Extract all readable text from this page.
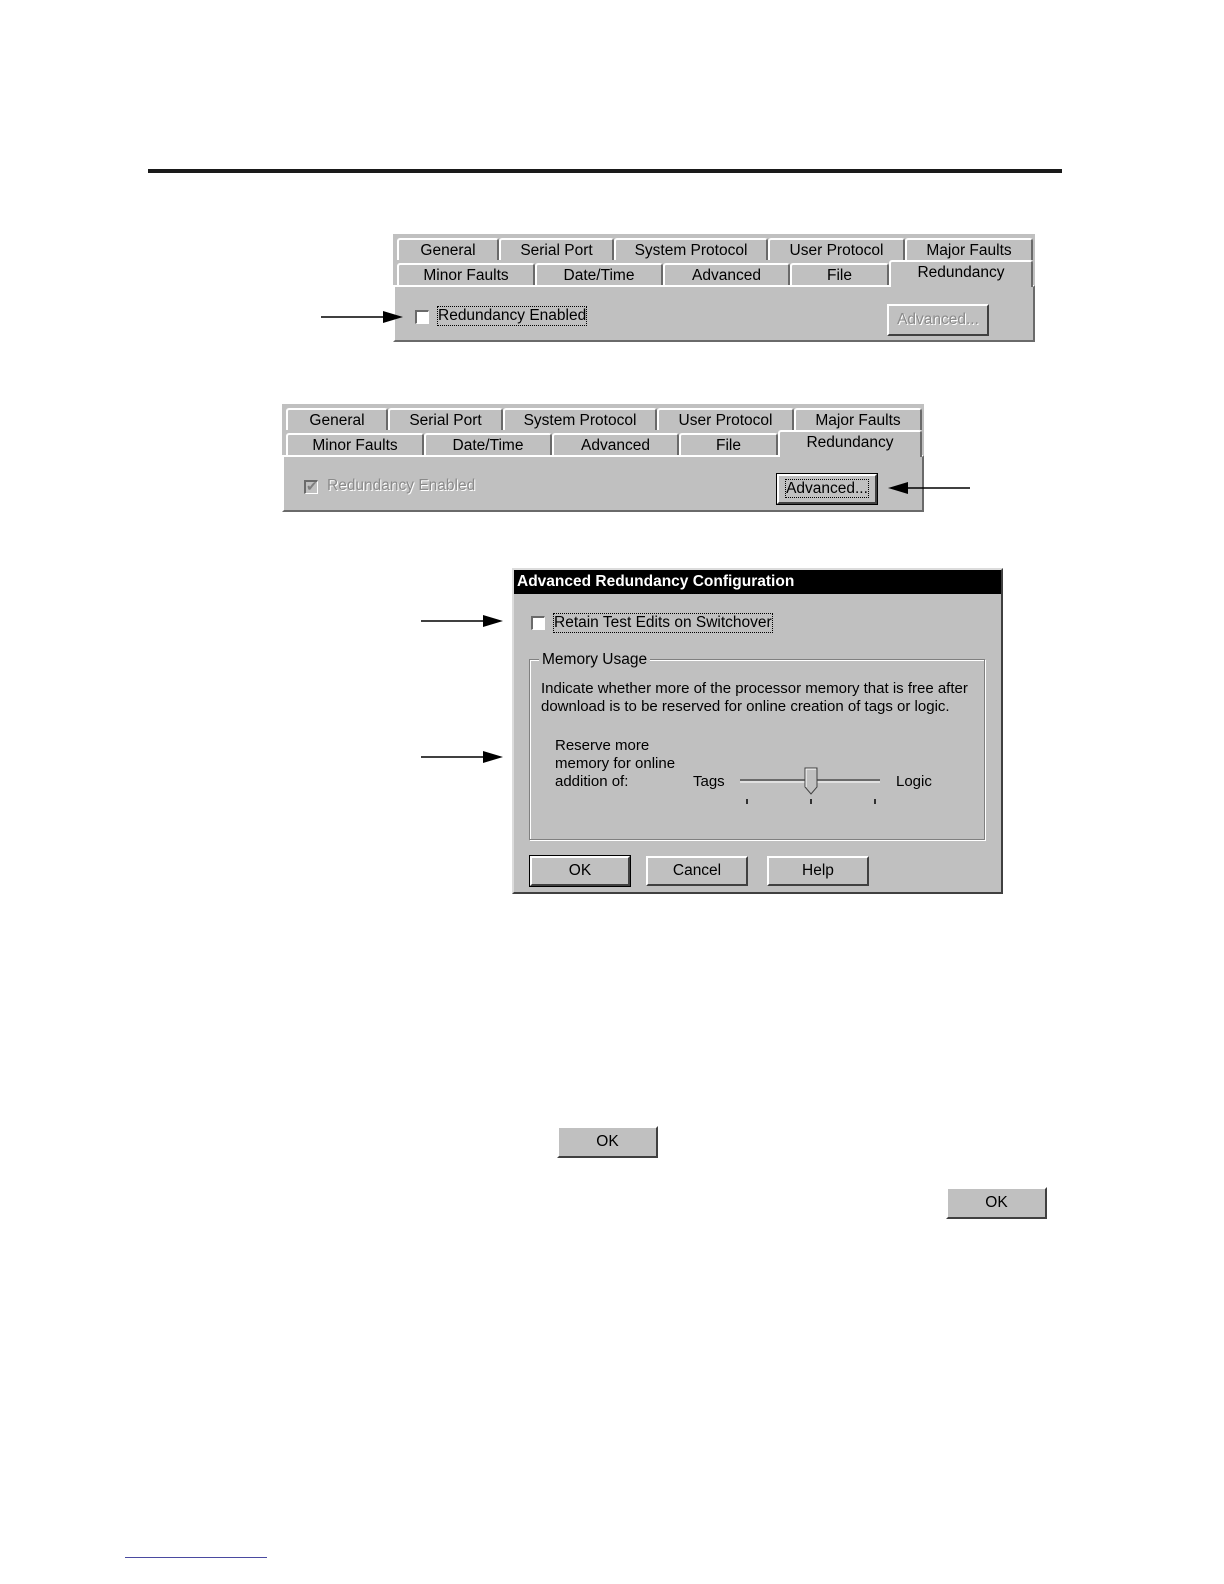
General	Serial Port	System Protocol	User Protocol	Major Faults
Minor Faults	Date/Time	Advanced	File	Redundancy
Redundancy Enabled	Advanced...
General	Serial Port	System Protocol	User Protocol	Major Faults
Minor Faults	Date/Time	Advanced	File	Redundancy
✔ Redundancy Enabled	Advanced...
Advanced Redundancy Configuration
Retain Test Edits on Switchover
Memory Usage
Indicate whether more of the processor memory that is free after
download is to be reserved for online creation of tags or logic.
Reserve more
memory for online
addition of:	Tags	Logic
OK	Cancel	Help
OK
OK
